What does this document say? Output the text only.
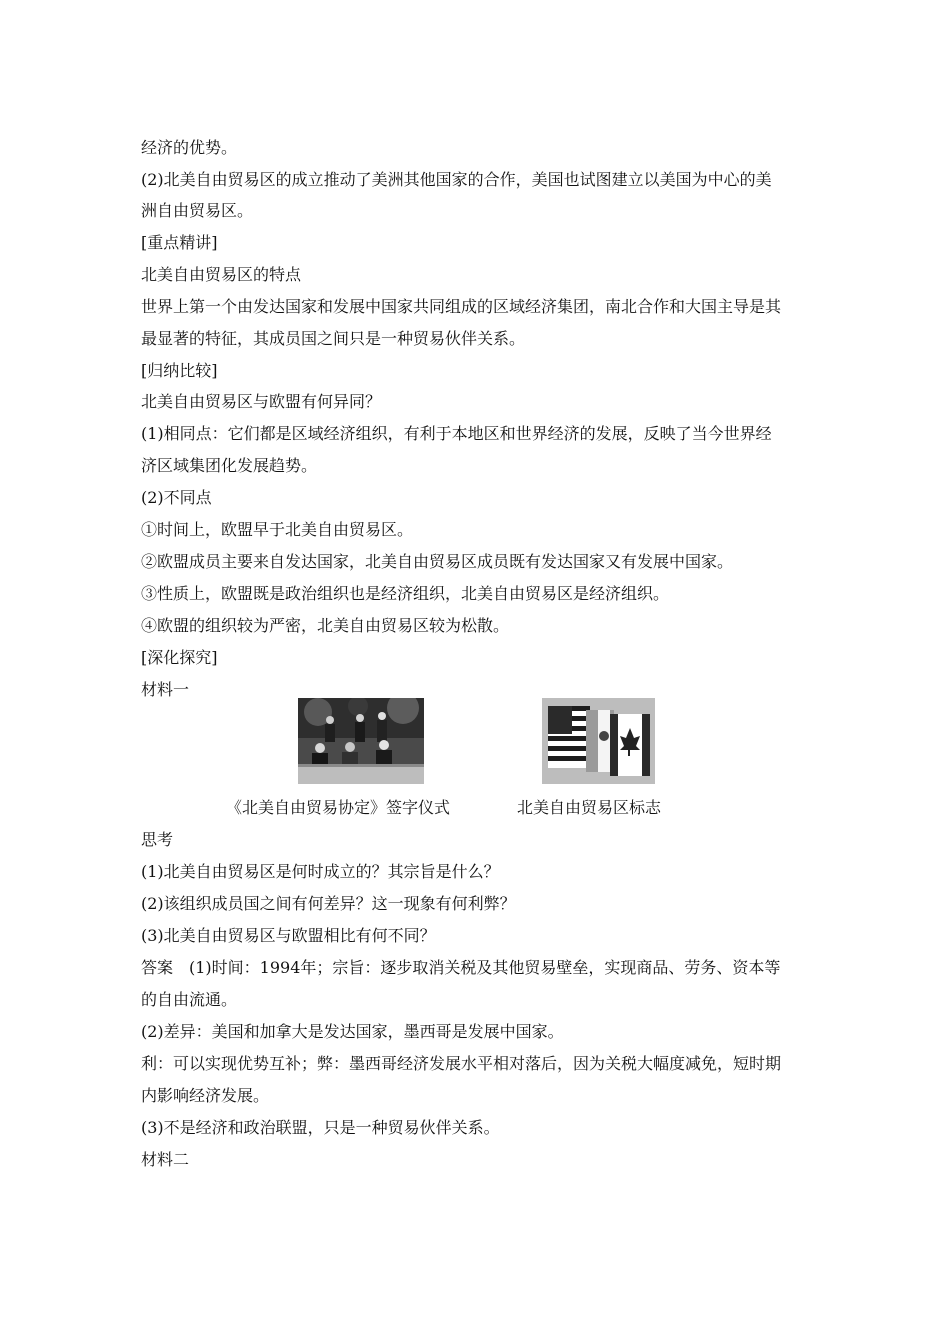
经济的优势。
(2)北美自由贸易区的成立推动了美洲其他国家的合作，美国也试图建立以美国为中心的美
洲自由贸易区。
[重点精讲]
北美自由贸易区的特点
世界上第一个由发达国家和发展中国家共同组成的区域经济集团，南北合作和大国主导是其
最显著的特征，其成员国之间只是一种贸易伙伴关系。
[归纳比较]
北美自由贸易区与欧盟有何异同？
(1)相同点：它们都是区域经济组织，有利于本地区和世界经济的发展，反映了当今世界经
济区域集团化发展趋势。
(2)不同点
①时间上，欧盟早于北美自由贸易区。
②欧盟成员主要来自发达国家，北美自由贸易区成员既有发达国家又有发展中国家。
③性质上，欧盟既是政治组织也是经济组织，北美自由贸易区是经济组织。
④欧盟的组织较为严密，北美自由贸易区较为松散。
[深化探究]
材料一
《北美自由贸易协定》签字仪式	北美自由贸易区标志
思考
(1)北美自由贸易区是何时成立的？其宗旨是什么？
(2)该组织成员国之间有何差异？这一现象有何利弊？
(3)北美自由贸易区与欧盟相比有何不同？
答案　(1)时间：1994年；宗旨：逐步取消关税及其他贸易壁垒，实现商品、劳务、资本等
的自由流通。
(2)差异：美国和加拿大是发达国家，墨西哥是发展中国家。
利：可以实现优势互补；弊：墨西哥经济发展水平相对落后，因为关税大幅度减免，短时期
内影响经济发展。
(3)不是经济和政治联盟，只是一种贸易伙伴关系。
材料二
